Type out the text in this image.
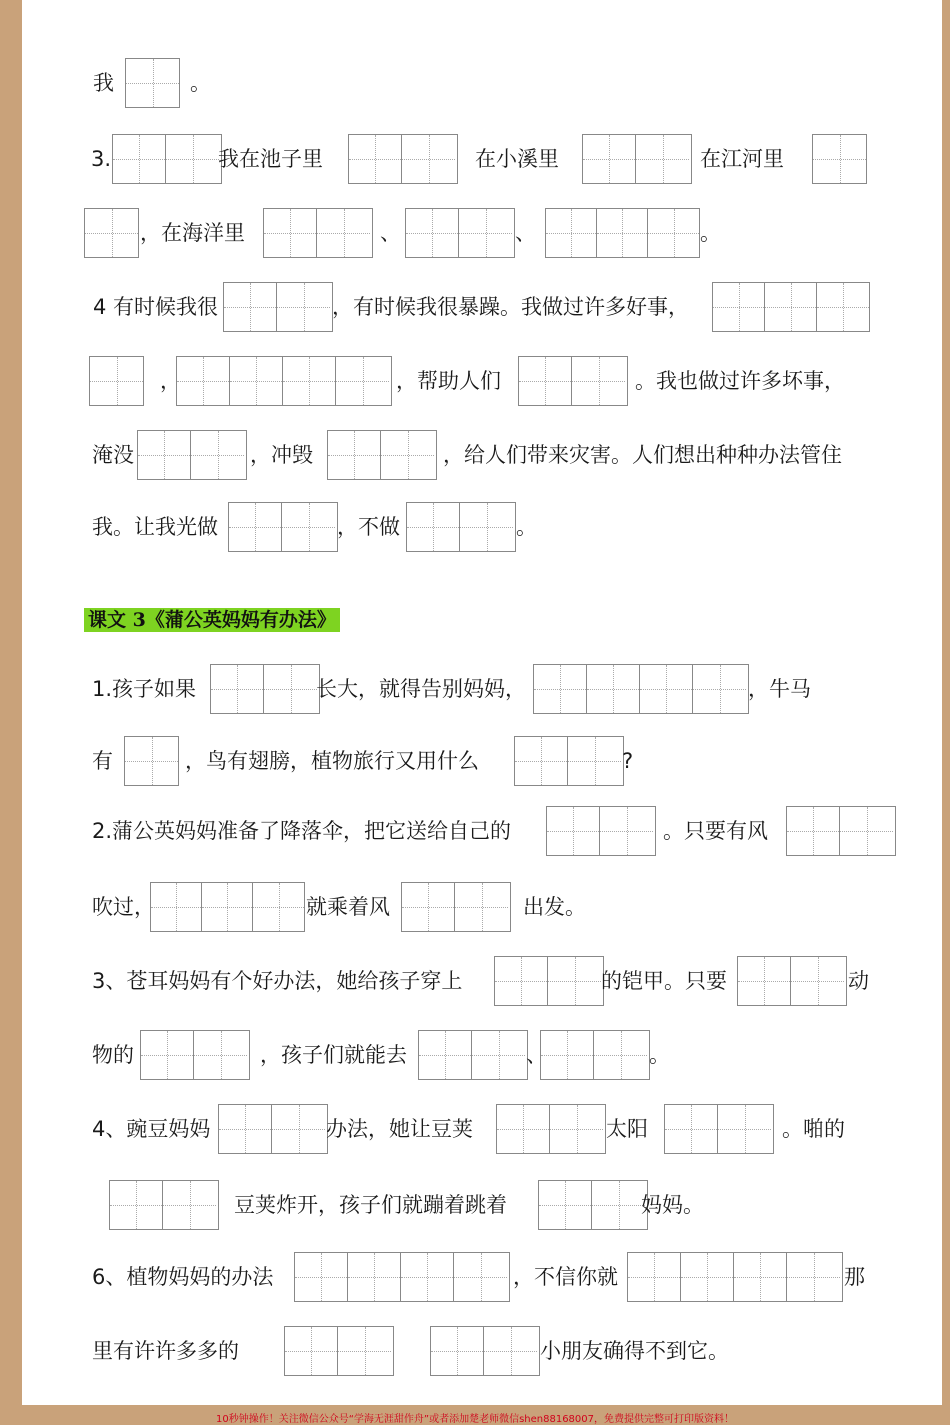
我	。
3.	我在池子里	在小溪里	在江河里
，在海洋里	、	、	。
4 有时候我很	，有时候我很暴躁。我做过许多好事，
，	，帮助人们	。我也做过许多坏事，
淹没	，冲毁	，给人们带来灾害。人们想出种种办法管住
我。让我光做	，不做	。
课文 3《蒲公英妈妈有办法》
1.孩子如果	长大，就得告别妈妈，	，牛马
有	，鸟有翅膀，植物旅行又用什么	?
2.蒲公英妈妈准备了降落伞，把它送给自己的	。只要有风
吹过，	就乘着风	出发。
3、苍耳妈妈有个好办法，她给孩子穿上	的铠甲。只要	动
物的	，孩子们就能去	、	。
4、豌豆妈妈	办法，她让豆荚	太阳	。啪的
豆荚炸开，孩子们就蹦着跳着	妈妈。
6、植物妈妈的办法	，不信你就	那
里有许许多多的	小朋友确得不到它。
10秒钟操作！关注微信公众号“学海无涯甜作舟”或者添加楚老师微信shen88168007，免费提供完整可打印版资料！
